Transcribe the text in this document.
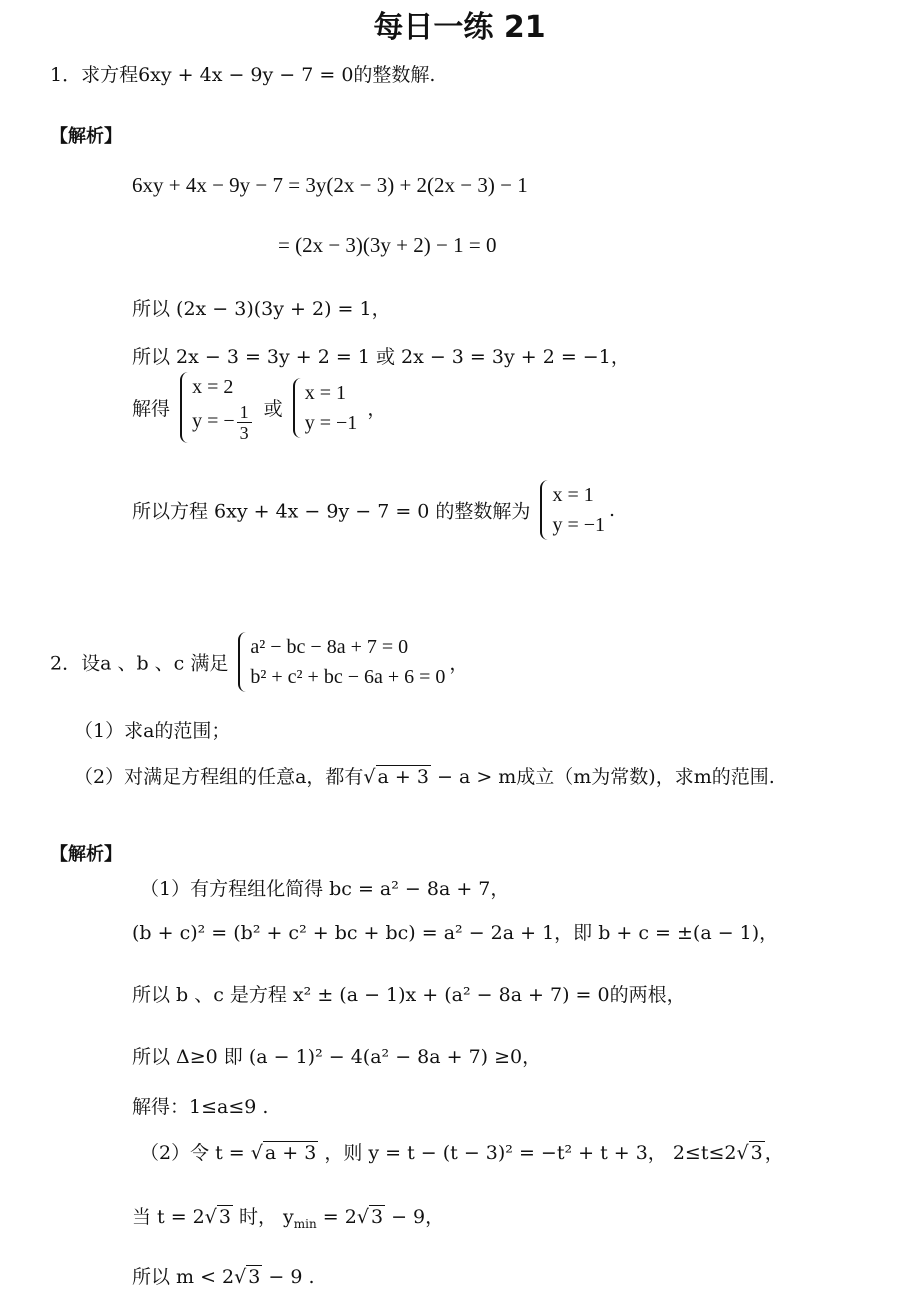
每日一练 21
1．求方程6xy + 4x − 9y − 7 = 0的整数解.
【解析】
6xy + 4x − 9y − 7 = 3y(2x − 3) + 2(2x − 3) − 1
= (2x − 3)(3y + 2) − 1 = 0
所以 (2x − 3)(3y + 2) = 1，
所以 2x − 3 = 3y + 2 = 1 或 2x − 3 = 3y + 2 = −1，
解得
x = 2
y = − $\frac{1}{3}$ 或
x = 1
y = −1
，
所以方程 6xy + 4x − 9y − 7 = 0 的整数解为
x = 1
y = −1
.
2．设a 、b 、c 满足
a² − bc − 8a + 7 = 0
b² + c² + bc − 6a + 6 = 0
，
（1）求a的范围；
（2）对满足方程组的任意a，都有√ a + 3 − a > m成立（m为常数)，求m的范围.
【解析】
（1）有方程组化简得 bc = a² − 8a + 7，
(b + c)² = (b² + c² + bc + bc) = a² − 2a + 1，即 b + c = ±(a − 1)，
所以 b 、c 是方程 x² ± (a − 1)x + (a² − 8a + 7) = 0的两根，
所以 Δ≥0 即 (a − 1)² − 4(a² − 8a + 7) ≥0，
解得：1≤a≤9 .
（2）令 t = √ a + 3 ，则 y = t − (t − 3)² = −t² + t + 3， 2≤t≤2√ 3 ，
当 t = 2√ 3 时， $y_{min} = 2√$ 3 − 9，
所以 m < 2√ 3 − 9 .
